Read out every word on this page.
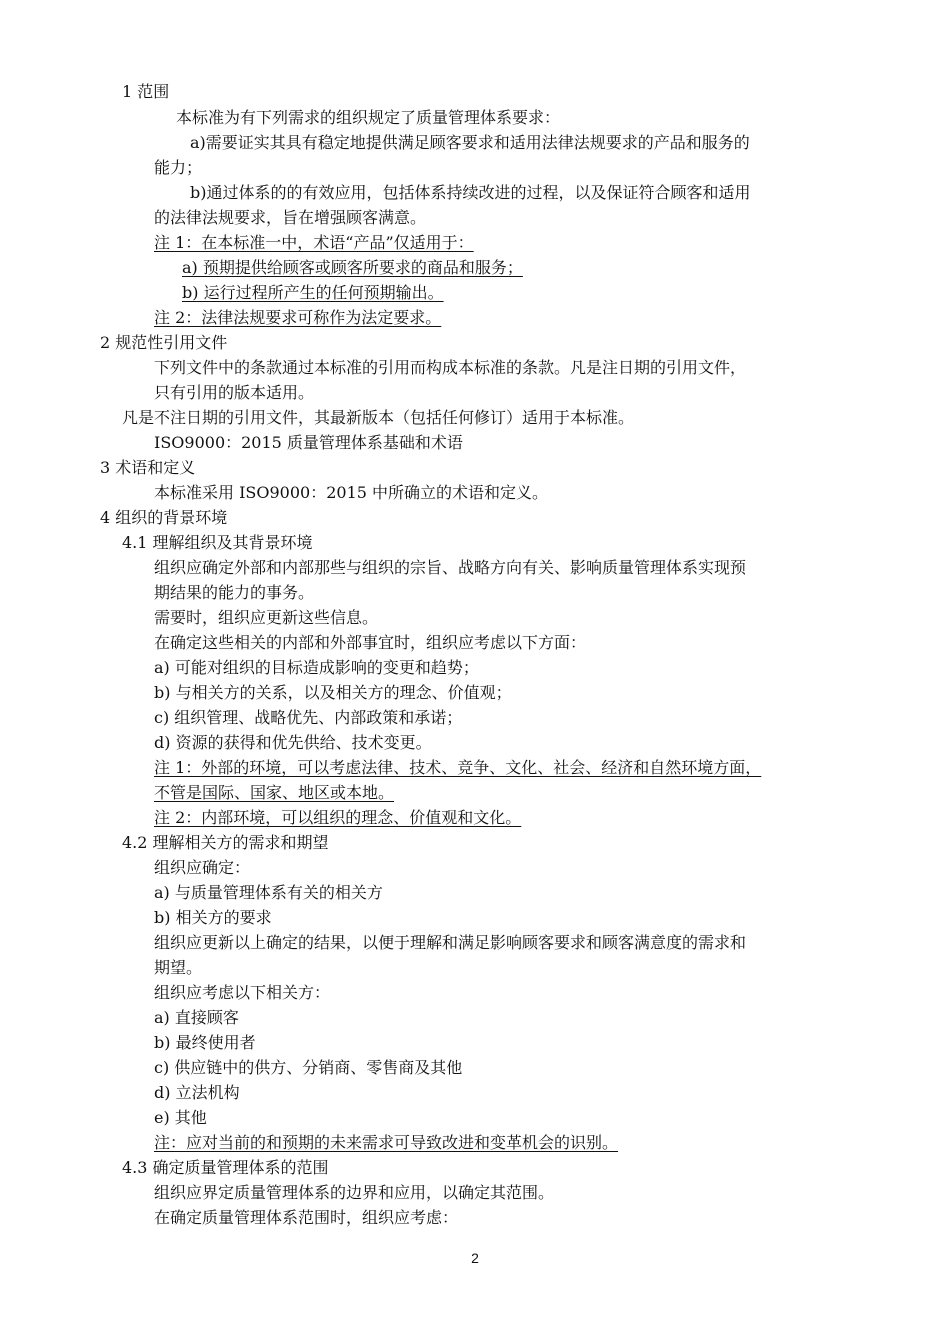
1 范围
本标准为有下列需求的组织规定了质量管理体系要求：
a)需要证实其具有稳定地提供满足顾客要求和适用法律法规要求的产品和服务的
能力；
b)通过体系的的有效应用，包括体系持续改进的过程，以及保证符合顾客和适用
的法律法规要求，旨在增强顾客满意。
注 1：在本标准一中，术语“产品”仅适用于：
a) 预期提供给顾客或顾客所要求的商品和服务；
b) 运行过程所产生的任何预期输出。
注 2：法律法规要求可称作为法定要求。
2 规范性引用文件
下列文件中的条款通过本标准的引用而构成本标准的条款。凡是注日期的引用文件，
只有引用的版本适用。
凡是不注日期的引用文件，其最新版本（包括任何修订）适用于本标准。
ISO9000：2015 质量管理体系基础和术语
3 术语和定义
本标准采用 ISO9000：2015 中所确立的术语和定义。
4 组织的背景环境
4.1 理解组织及其背景环境
组织应确定外部和内部那些与组织的宗旨、战略方向有关、影响质量管理体系实现预
期结果的能力的事务。
需要时，组织应更新这些信息。
在确定这些相关的内部和外部事宜时，组织应考虑以下方面：
a) 可能对组织的目标造成影响的变更和趋势；
b) 与相关方的关系，以及相关方的理念、价值观；
c) 组织管理、战略优先、内部政策和承诺；
d) 资源的获得和优先供给、技术变更。
注 1：外部的环境，可以考虑法律、技术、竞争、文化、社会、经济和自然环境方面，
不管是国际、国家、地区或本地。
注 2：内部环境，可以组织的理念、价值观和文化。
4.2 理解相关方的需求和期望
组织应确定：
a) 与质量管理体系有关的相关方
b) 相关方的要求
组织应更新以上确定的结果，以便于理解和满足影响顾客要求和顾客满意度的需求和
期望。
组织应考虑以下相关方：
a) 直接顾客
b) 最终使用者
c) 供应链中的供方、分销商、零售商及其他
d) 立法机构
e) 其他
注：应对当前的和预期的未来需求可导致改进和变革机会的识别。
4.3 确定质量管理体系的范围
组织应界定质量管理体系的边界和应用，以确定其范围。
在确定质量管理体系范围时，组织应考虑：
2
